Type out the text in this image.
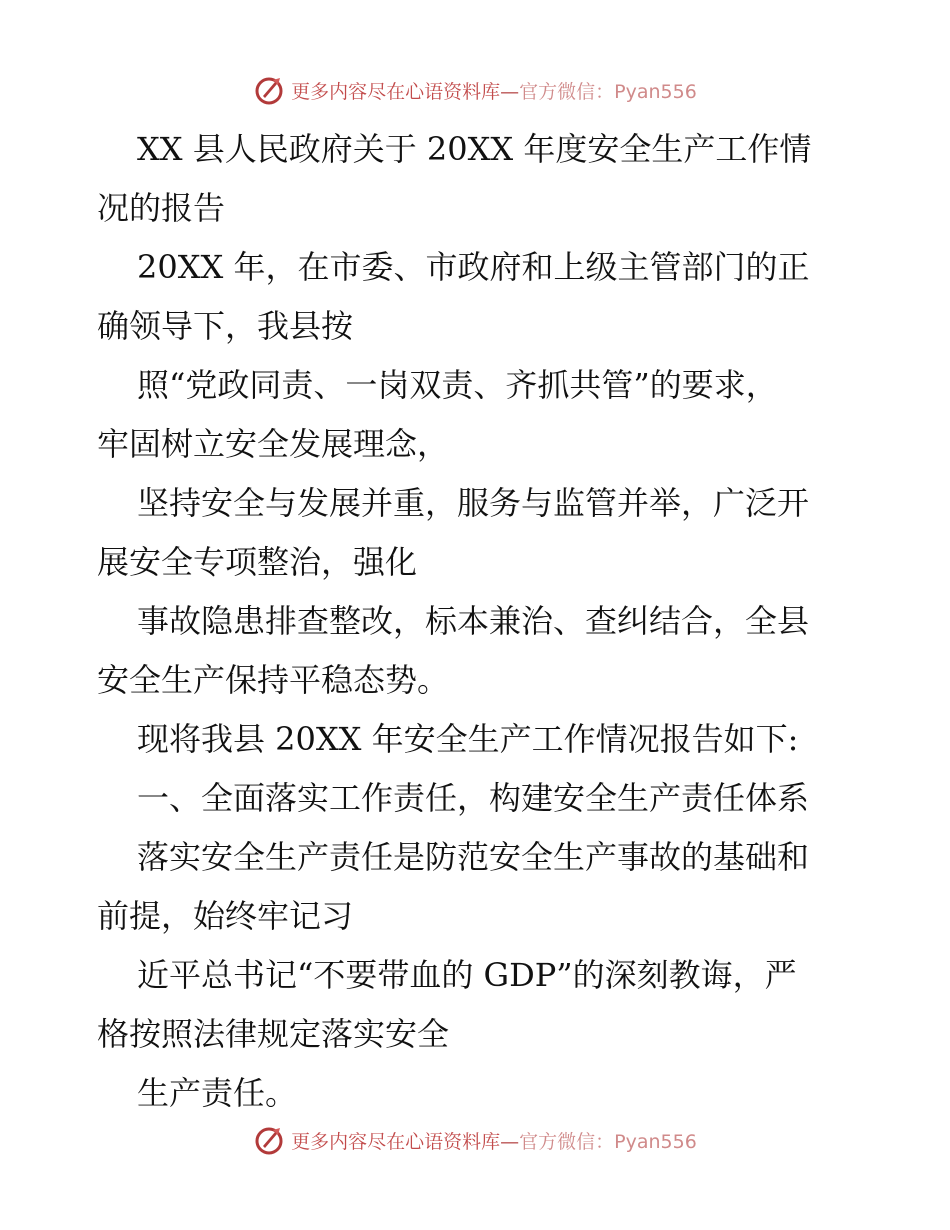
更多内容尽在心语资料库—官方微信：Pyan556
XX 县人民政府关于 20XX 年度安全生产工作情
况的报告
20XX 年，在市委、市政府和上级主管部门的正
确领导下，我县按
照“党政同责、一岗双责、齐抓共管”的要求，
牢固树立安全发展理念，
坚持安全与发展并重，服务与监管并举，广泛开
展安全专项整治，强化
事故隐患排查整改，标本兼治、查纠结合，全县
安全生产保持平稳态势。
现将我县 20XX 年安全生产工作情况报告如下:
一、全面落实工作责任，构建安全生产责任体系
落实安全生产责任是防范安全生产事故的基础和
前提，始终牢记习
近平总书记“不要带血的 GDP”的深刻教诲，严
格按照法律规定落实安全
生产责任。
更多内容尽在心语资料库—官方微信：Pyan556
